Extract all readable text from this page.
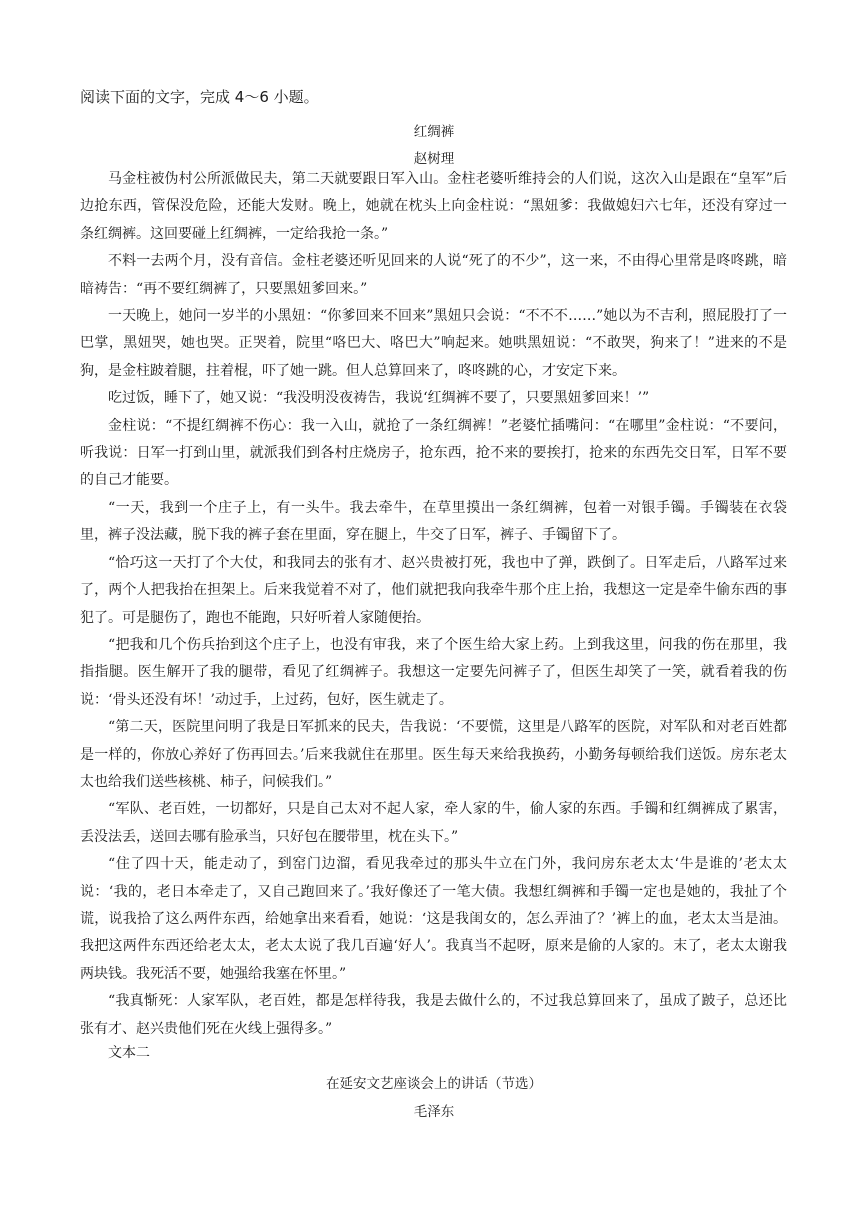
阅读下面的文字，完成 4～6 小题。
红绸裤
赵树理

马金柱被伪村公所派做民夫，第二天就要跟日军入山。金柱老婆听维持会的人们说，这次入山是跟在“皇军”后边抢东西，管保没危险，还能大发财。晚上，她就在枕头上向金柱说：“黑妞爹：我做媳妇六七年，还没有穿过一条红绸裤。这回要碰上红绸裤，一定给我抢一条。”

不料一去两个月，没有音信。金柱老婆还听见回来的人说“死了的不少”，这一来，不由得心里常是咚咚跳，暗暗祷告：“再不要红绸裤了，只要黑妞爹回来。”

一天晚上，她问一岁半的小黑妞：“你爹回来不回来”黑妞只会说：“不不不……”她以为不吉利，照屁股打了一巴掌，黑妞哭，她也哭。正哭着，院里“咯巴大、咯巴大”响起来。她哄黑妞说：“不敢哭，狗来了！”进来的不是狗，是金柱跛着腿，拄着棍，吓了她一跳。但人总算回来了，咚咚跳的心，才安定下来。

吃过饭，睡下了，她又说：“我没明没夜祷告，我说‘红绸裤不要了，只要黑妞爹回来！’”

金柱说：“不提红绸裤不伤心：我一入山，就抢了一条红绸裤！”老婆忙插嘴问：“在哪里”金柱说：“不要问，听我说：日军一打到山里，就派我们到各村庄烧房子，抢东西，抢不来的要挨打，抢来的东西先交日军，日军不要的自己才能要。

“一天，我到一个庄子上，有一头牛。我去牵牛，在草里摸出一条红绸裤，包着一对银手镯。手镯装在衣袋里，裤子没法藏，脱下我的裤子套在里面，穿在腿上，牛交了日军，裤子、手镯留下了。

“恰巧这一天打了个大仗，和我同去的张有才、赵兴贵被打死，我也中了弹，跌倒了。日军走后，八路军过来了，两个人把我抬在担架上。后来我觉着不对了，他们就把我向我牵牛那个庄上抬，我想这一定是牵牛偷东西的事犯了。可是腿伤了，跑也不能跑，只好听着人家随便抬。

“把我和几个伤兵抬到这个庄子上，也没有审我，来了个医生给大家上药。上到我这里，问我的伤在那里，我指指腿。医生解开了我的腿带，看见了红绸裤子。我想这一定要先问裤子了，但医生却笑了一笑，就看着我的伤说：‘骨头还没有坏！’动过手，上过药，包好，医生就走了。

“第二天，医院里问明了我是日军抓来的民夫，告我说：‘不要慌，这里是八路军的医院，对军队和对老百姓都是一样的，你放心养好了伤再回去。’后来我就住在那里。医生每天来给我换药，小勤务每顿给我们送饭。房东老太太也给我们送些核桃、柿子，问候我们。”

“军队、老百姓，一切都好，只是自己太对不起人家，牵人家的牛，偷人家的东西。手镯和红绸裤成了累害，丢没法丢，送回去哪有脸承当，只好包在腰带里，枕在头下。”

“住了四十天，能走动了，到窑门边溜，看见我牵过的那头牛立在门外，我问房东老太太‘牛是谁的’老太太说：‘我的，老日本牵走了，又自己跑回来了。’我好像还了一笔大债。我想红绸裤和手镯一定也是她的，我扯了个谎，说我拾了这么两件东西，给她拿出来看看，她说：‘这是我闺女的，怎么弄油了？’裤上的血，老太太当是油。我把这两件东西还给老太太，老太太说了我几百遍‘好人’。我真当不起呀，原来是偷的人家的。末了，老太太谢我两块钱。我死活不要，她强给我塞在怀里。”

“我真惭死：人家军队，老百姓，都是怎样待我，我是去做什么的，不过我总算回来了，虽成了跛子，总还比张有才、赵兴贵他们死在火线上强得多。”

文本二
在延安文艺座谈会上的讲话（节选）
毛泽东
